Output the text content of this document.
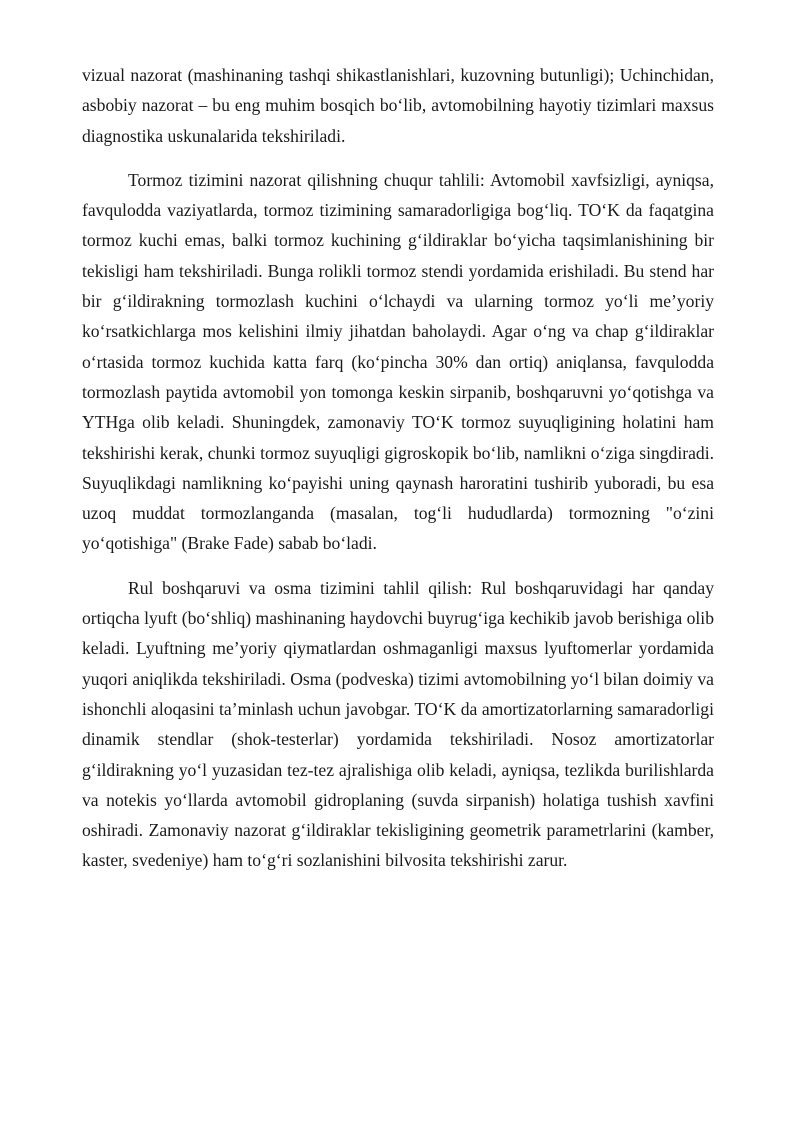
vizual nazorat (mashinaning tashqi shikastlanishlari, kuzovning butunligi); Uchinchidan, asbobiy nazorat – bu eng muhim bosqich bo‘lib, avtomobilning hayotiy tizimlari maxsus diagnostika uskunalarida tekshiriladi.

Tormoz tizimini nazorat qilishning chuqur tahlili: Avtomobil xavfsizligi, ayniqsa, favqulodda vaziyatlarda, tormoz tizimining samaradorligiga bog‘liq. TO‘K da faqatgina tormoz kuchi emas, balki tormoz kuchining g‘ildiraklar bo‘yicha taqsimlanishining bir tekisligi ham tekshiriladi. Bunga rolikli tormoz stendi yordamida erishiladi. Bu stend har bir g‘ildirakning tormozlash kuchini o‘lchaydi va ularning tormoz yo‘li me’yoriy ko‘rsatkichlarga mos kelishini ilmiy jihatdan baholaydi. Agar o‘ng va chap g‘ildiraklar o‘rtasida tormoz kuchida katta farq (ko‘pincha 30% dan ortiq) aniqlansa, favqulodda tormozlash paytida avtomobil yon tomonga keskin sirpanib, boshqaruvni yo‘qotishga va YTHga olib keladi. Shuningdek, zamonaviy TO‘K tormoz suyuqligining holatini ham tekshirishi kerak, chunki tormoz suyuqligi gigroskopik bo‘lib, namlikni o‘ziga singdiradi. Suyuqlikdagi namlikning ko‘payishi uning qaynash haroratini tushirib yuboradi, bu esa uzoq muddat tormozlanganda (masalan, tog‘li hududlarda) tormozning "o‘zini yo‘qotishiga" (Brake Fade) sabab bo‘ladi.

Rul boshqaruvi va osma tizimini tahlil qilish: Rul boshqaruvidagi har qanday ortiqcha lyuft (bo‘shliq) mashinaning haydovchi buyrug‘iga kechikib javob berishiga olib keladi. Lyuftning me’yoriy qiymatlardan oshmaganligi maxsus lyuftomerlar yordamida yuqori aniqlikda tekshiriladi. Osma (podveska) tizimi avtomobilning yo‘l bilan doimiy va ishonchli aloqasini ta’minlash uchun javobgar. TO‘K da amortizatorlarning samaradorligi dinamik stendlar (shok-testerlar) yordamida tekshiriladi. Nosoz amortizatorlar g‘ildirakning yo‘l yuzasidan tez-tez ajralishiga olib keladi, ayniqsa, tezlikda burilishlarda va notekis yo‘llarda avtomobil gidroplaning (suvda sirpanish) holatiga tushish xavfini oshiradi. Zamonaviy nazorat g‘ildiraklar tekisligining geometrik parametrlarini (kamber, kaster, svedeniye) ham to‘g‘ri sozlanishini bilvosita tekshirishi zarur.
